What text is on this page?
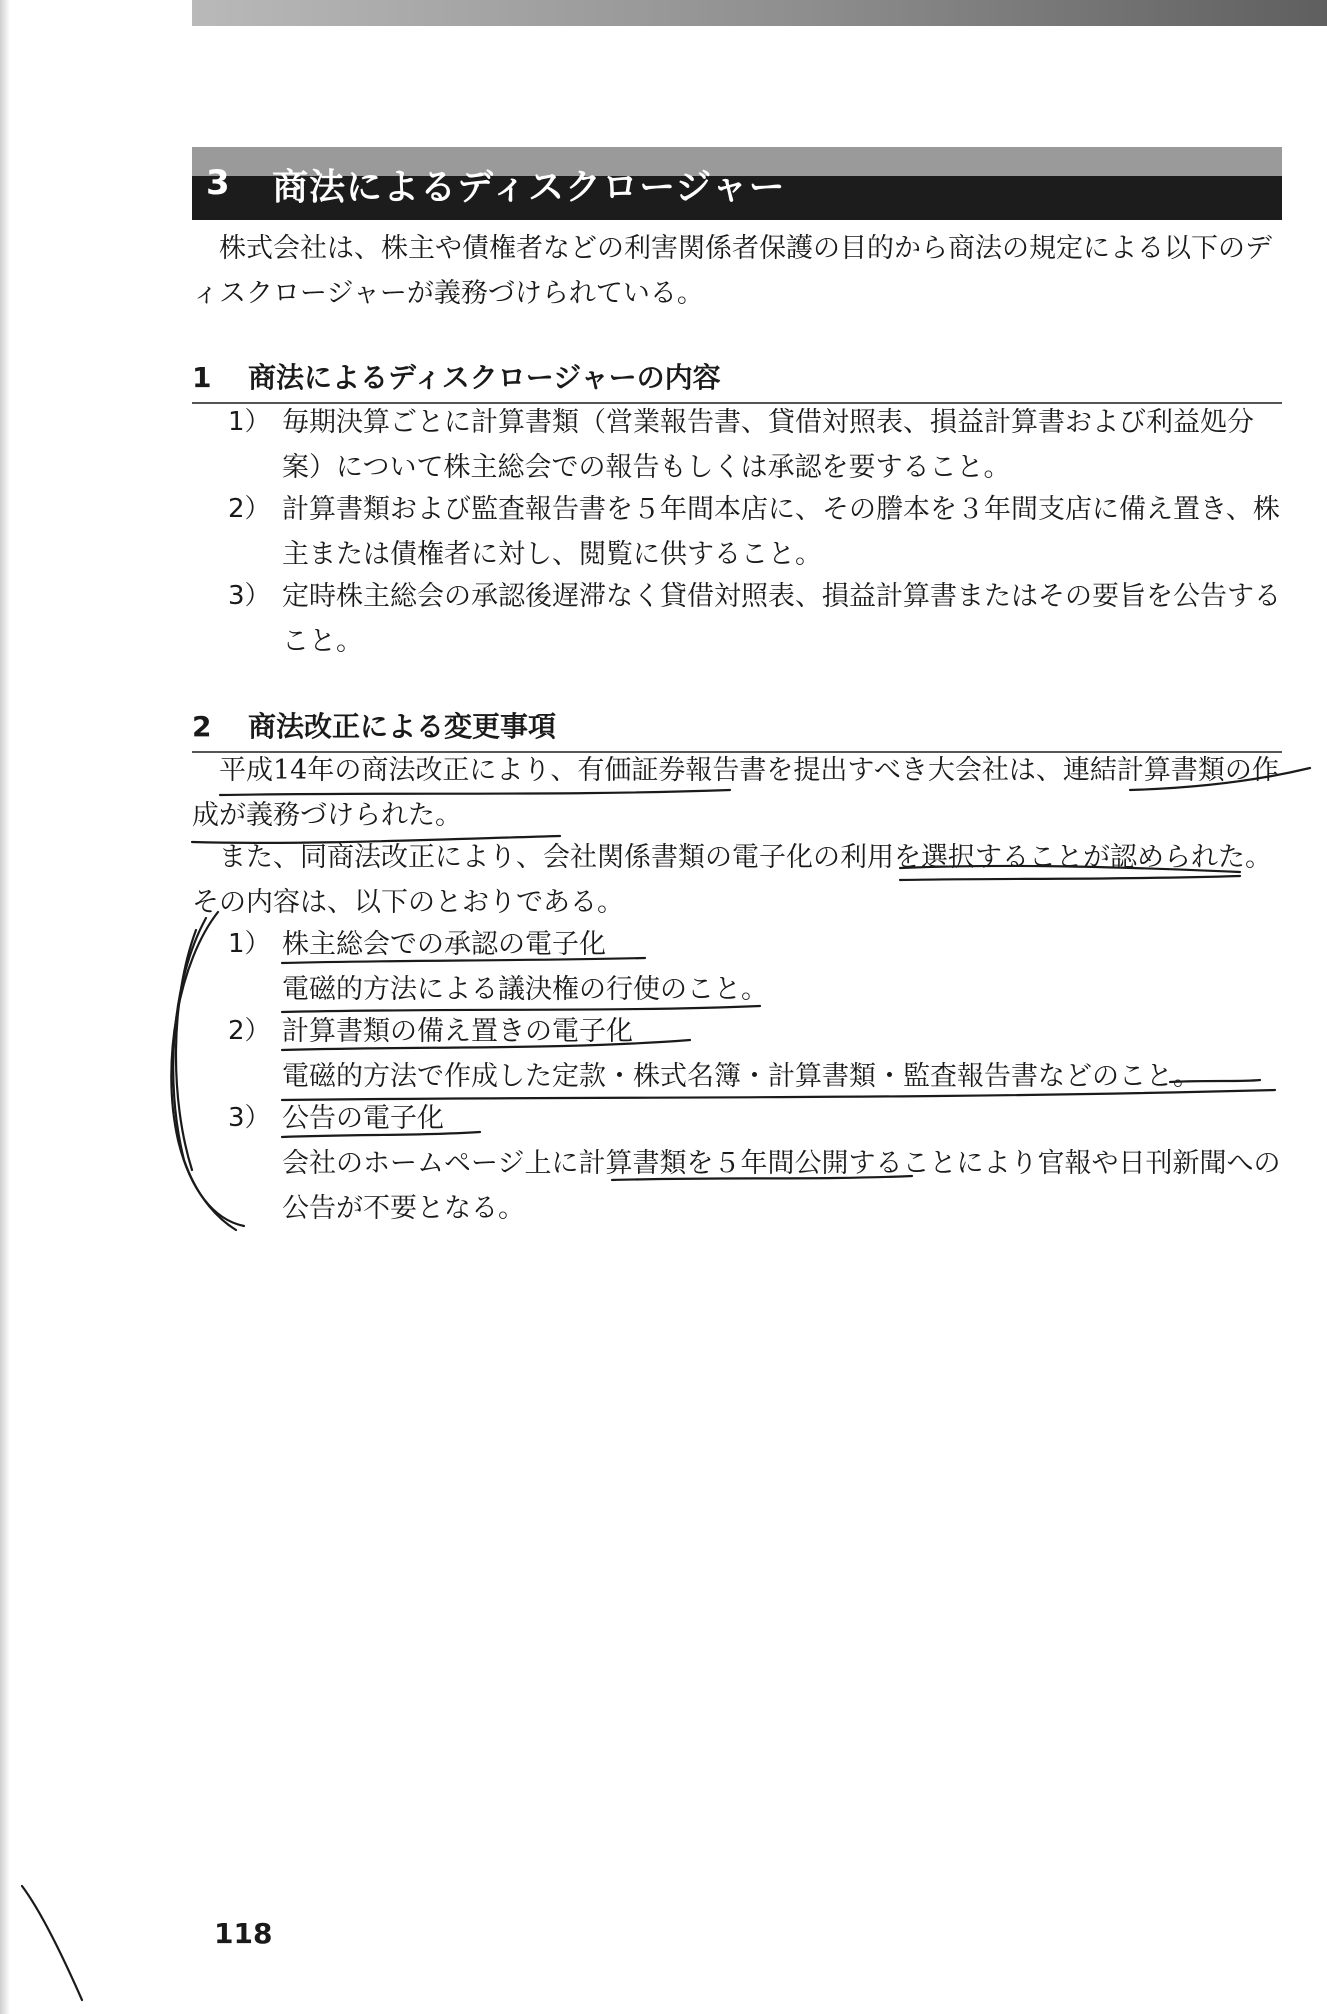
3 商法によるディスクロージャー
株式会社は、株主や債権者などの利害関係者保護の目的から商法の規定による以下のディスクロージャーが義務づけられている。
1 商法によるディスクロージャーの内容
1） 毎期決算ごとに計算書類（営業報告書、貸借対照表、損益計算書および利益処分案）について株主総会での報告もしくは承認を要すること。
2） 計算書類および監査報告書を５年間本店に、その謄本を３年間支店に備え置き、株主または債権者に対し、閲覧に供すること。
3） 定時株主総会の承認後遅滞なく貸借対照表、損益計算書またはその要旨を公告すること。
2 商法改正による変更事項
平成14年の商法改正により、有価証券報告書を提出すべき大会社は、連結計算書類の作成が義務づけられた。
また、同商法改正により、会社関係書類の電子化の利用を選択することが認められた。その内容は、以下のとおりである。
1） 株主総会での承認の電子化
電磁的方法による議決権の行使のこと。
2） 計算書類の備え置きの電子化
電磁的方法で作成した定款・株式名簿・計算書類・監査報告書などのこと。
3） 公告の電子化
会社のホームページ上に計算書類を５年間公開することにより官報や日刊新聞への公告が不要となる。
118
